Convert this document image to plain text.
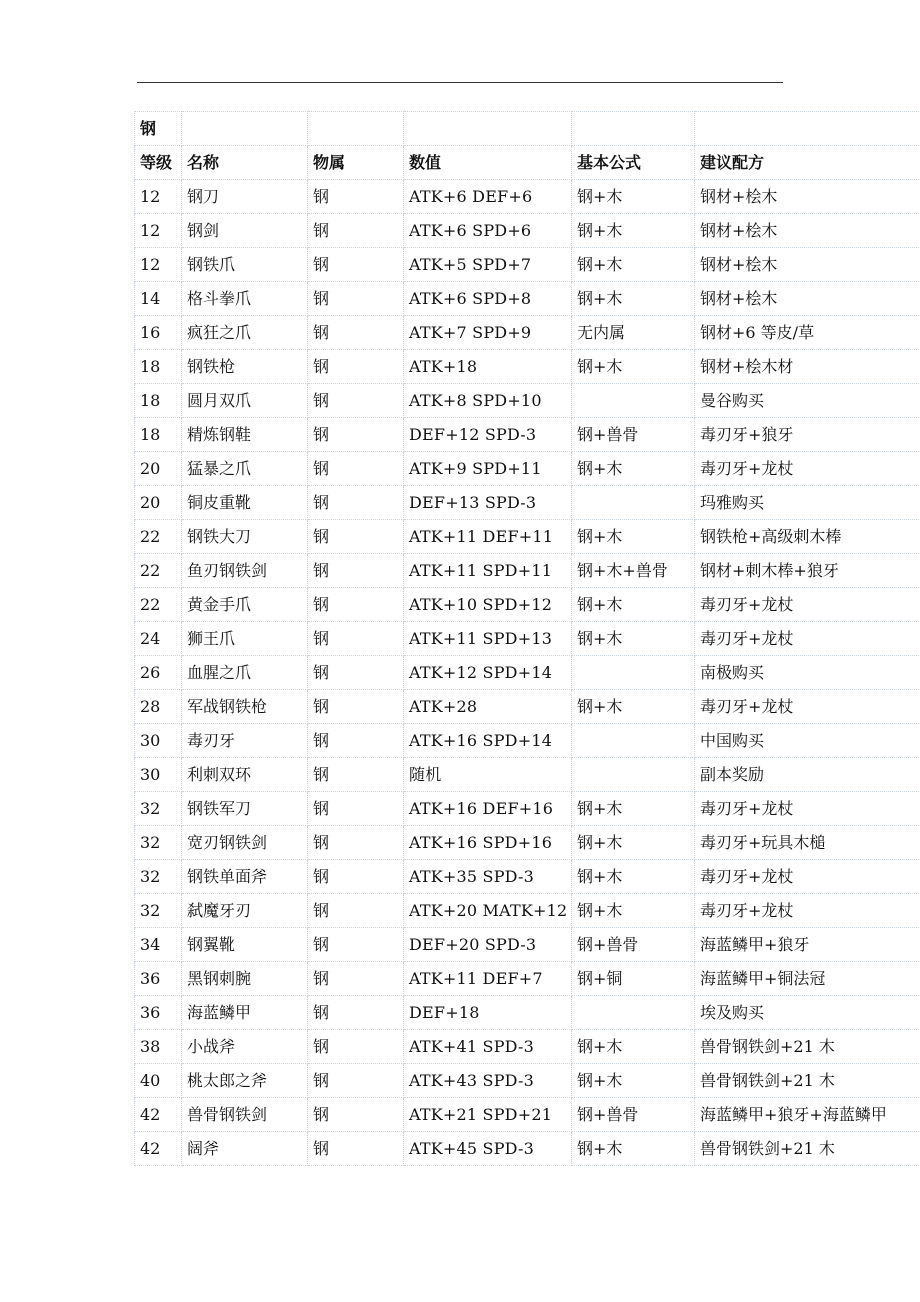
钢					
等级	名称	物属	数值	基本公式	建议配方
12	钢刀	钢	ATK+6 DEF+6	钢+木	钢材+桧木
12	钢剑	钢	ATK+6 SPD+6	钢+木	钢材+桧木
12	钢铁爪	钢	ATK+5 SPD+7	钢+木	钢材+桧木
14	格斗拳爪	钢	ATK+6 SPD+8	钢+木	钢材+桧木
16	疯狂之爪	钢	ATK+7 SPD+9	无内属	钢材+6 等皮/草
18	钢铁枪	钢	ATK+18	钢+木	钢材+桧木材
18	圆月双爪	钢	ATK+8 SPD+10		曼谷购买
18	精炼钢鞋	钢	DEF+12 SPD-3	钢+兽骨	毒刃牙+狼牙
20	猛暴之爪	钢	ATK+9 SPD+11	钢+木	毒刃牙+龙杖
20	铜皮重靴	钢	DEF+13 SPD-3		玛雅购买
22	钢铁大刀	钢	ATK+11 DEF+11	钢+木	钢铁枪+高级刺木棒
22	鱼刃钢铁剑	钢	ATK+11 SPD+11	钢+木+兽骨	钢材+刺木棒+狼牙
22	黄金手爪	钢	ATK+10 SPD+12	钢+木	毒刃牙+龙杖
24	狮王爪	钢	ATK+11 SPD+13	钢+木	毒刃牙+龙杖
26	血腥之爪	钢	ATK+12 SPD+14		南极购买
28	军战钢铁枪	钢	ATK+28	钢+木	毒刃牙+龙杖
30	毒刃牙	钢	ATK+16 SPD+14		中国购买
30	利刺双环	钢	随机		副本奖励
32	钢铁军刀	钢	ATK+16 DEF+16	钢+木	毒刃牙+龙杖
32	宽刃钢铁剑	钢	ATK+16 SPD+16	钢+木	毒刃牙+玩具木槌
32	钢铁单面斧	钢	ATK+35 SPD-3	钢+木	毒刃牙+龙杖
32	弑魔牙刃	钢	ATK+20 MATK+12	钢+木	毒刃牙+龙杖
34	钢翼靴	钢	DEF+20 SPD-3	钢+兽骨	海蓝鳞甲+狼牙
36	黑钢刺腕	钢	ATK+11 DEF+7	钢+铜	海蓝鳞甲+铜法冠
36	海蓝鳞甲	钢	DEF+18		埃及购买
38	小战斧	钢	ATK+41 SPD-3	钢+木	兽骨钢铁剑+21 木
40	桃太郎之斧	钢	ATK+43 SPD-3	钢+木	兽骨钢铁剑+21 木
42	兽骨钢铁剑	钢	ATK+21 SPD+21	钢+兽骨	海蓝鳞甲+狼牙+海蓝鳞甲
42	阔斧	钢	ATK+45 SPD-3	钢+木	兽骨钢铁剑+21 木
